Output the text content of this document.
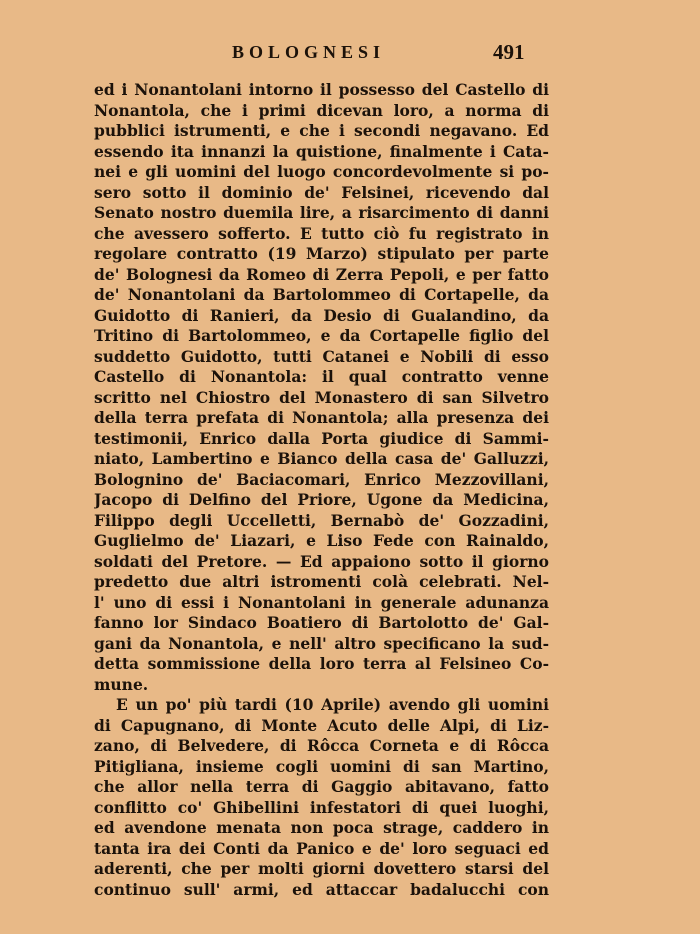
BOLOGNESI	491
ed i Nonantolani intorno il possesso del Castello di
Nonantola, che i primi dicevan loro, a norma di
pubblici istrumenti, e che i secondi negavano. Ed
essendo ita innanzi la quistione, finalmente i Cata-
nei e gli uomini del luogo concordevolmente si po-
sero sotto il dominio de' Felsinei, ricevendo dal
Senato nostro duemila lire, a risarcimento di danni
che avessero sofferto. E tutto ciò fu registrato in
regolare contratto (19 Marzo) stipulato per parte
de' Bolognesi da Romeo di Zerra Pepoli, e per fatto
de' Nonantolani da Bartolommeo di Cortapelle, da
Guidotto di Ranieri, da Desio di Gualandino, da
Tritino di Bartolommeo, e da Cortapelle figlio del
suddetto Guidotto, tutti Catanei e Nobili di esso
Castello di Nonantola: il qual contratto venne
scritto nel Chiostro del Monastero di san Silvetro
della terra prefata di Nonantola; alla presenza dei
testimonii, Enrico dalla Porta giudice di Sammi-
niato, Lambertino e Bianco della casa de' Galluzzi,
Bolognino de' Baciacomari, Enrico Mezzovillani,
Jacopo di Delfino del Priore, Ugone da Medicina,
Filippo degli Uccelletti, Bernabò de' Gozzadini,
Guglielmo de' Liazari, e Liso Fede con Rainaldo,
soldati del Pretore. — Ed appaiono sotto il giorno
predetto due altri istromenti colà celebrati. Nel-
l' uno di essi i Nonantolani in generale adunanza
fanno lor Sindaco Boatiero di Bartolotto de' Gal-
gani da Nonantola, e nell' altro specificano la sud-
detta sommissione della loro terra al Felsineo Co-
mune.
E un po' più tardi (10 Aprile) avendo gli uomini
di Capugnano, di Monte Acuto delle Alpi, di Liz-
zano, di Belvedere, di Rôcca Corneta e di Rôcca
Pitigliana, insieme cogli uomini di san Martino,
che allor nella terra di Gaggio abitavano, fatto
conflitto co' Ghibellini infestatori di quei luoghi,
ed avendone menata non poca strage, caddero in
tanta ira dei Conti da Panico e de' loro seguaci ed
aderenti, che per molti giorni dovettero starsi del
continuo sull' armi, ed attaccar badalucchi con
